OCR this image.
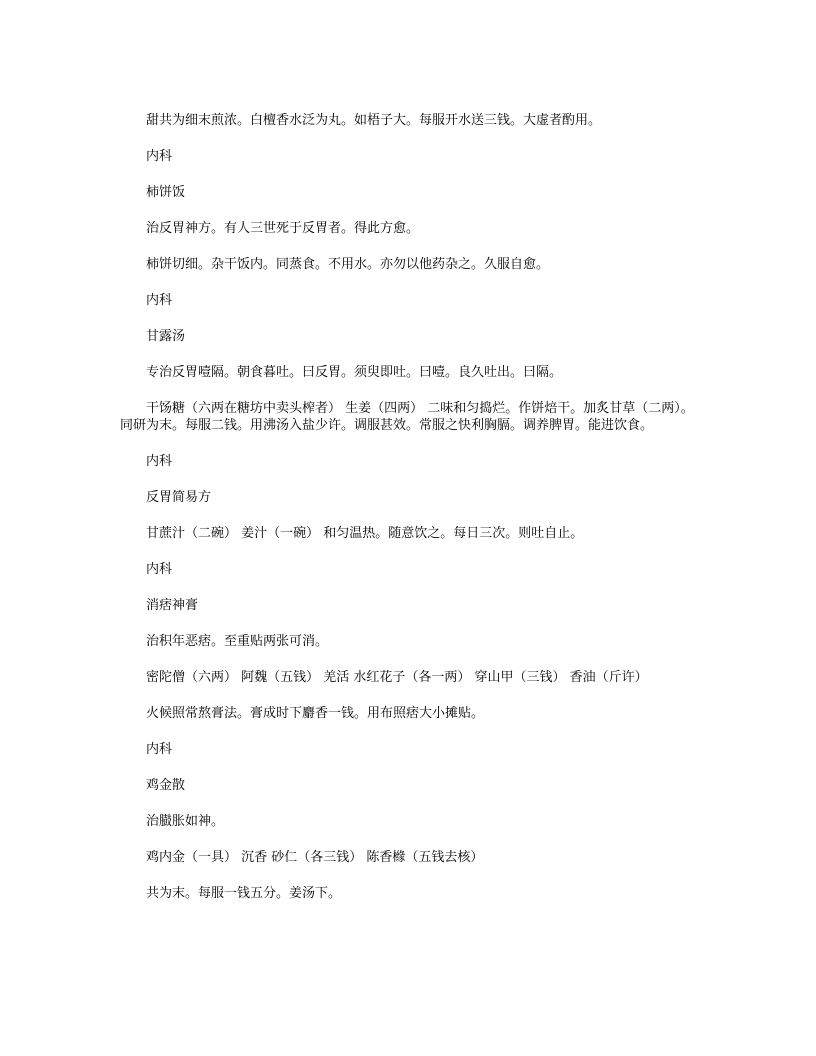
甜共为细末煎浓。白檀香水泛为丸。如梧子大。每服开水送三钱。大虚者酌用。

内科

柿饼饭

治反胃神方。有人三世死于反胃者。得此方愈。

柿饼切细。杂干饭内。同蒸食。不用水。亦勿以他药杂之。久服自愈。

内科

甘露汤

专治反胃噎隔。朝食暮吐。曰反胃。须臾即吐。曰噎。良久吐出。曰隔。

干饧糖（六两在糖坊中卖头榨者） 生姜（四两） 二味和匀捣烂。作饼焙干。加炙甘草（二两）。同研为末。每服二钱。用沸汤入盐少许。调服甚效。常服之快利胸膈。调养脾胃。能进饮食。

内科

反胃简易方

甘蔗汁（二碗） 姜汁（一碗） 和匀温热。随意饮之。每日三次。则吐自止。

内科

消痞神膏

治积年恶痞。至重贴两张可消。

密陀僧（六两） 阿魏（五钱） 羌活 水红花子（各一两） 穿山甲（三钱） 香油（斤许）

火候照常熬膏法。膏成时下麝香一钱。用布照痞大小摊贴。

内科

鸡金散

治臌胀如神。

鸡内金（一具） 沉香 砂仁（各三钱） 陈香橼（五钱去核）

共为末。每服一钱五分。姜汤下。
